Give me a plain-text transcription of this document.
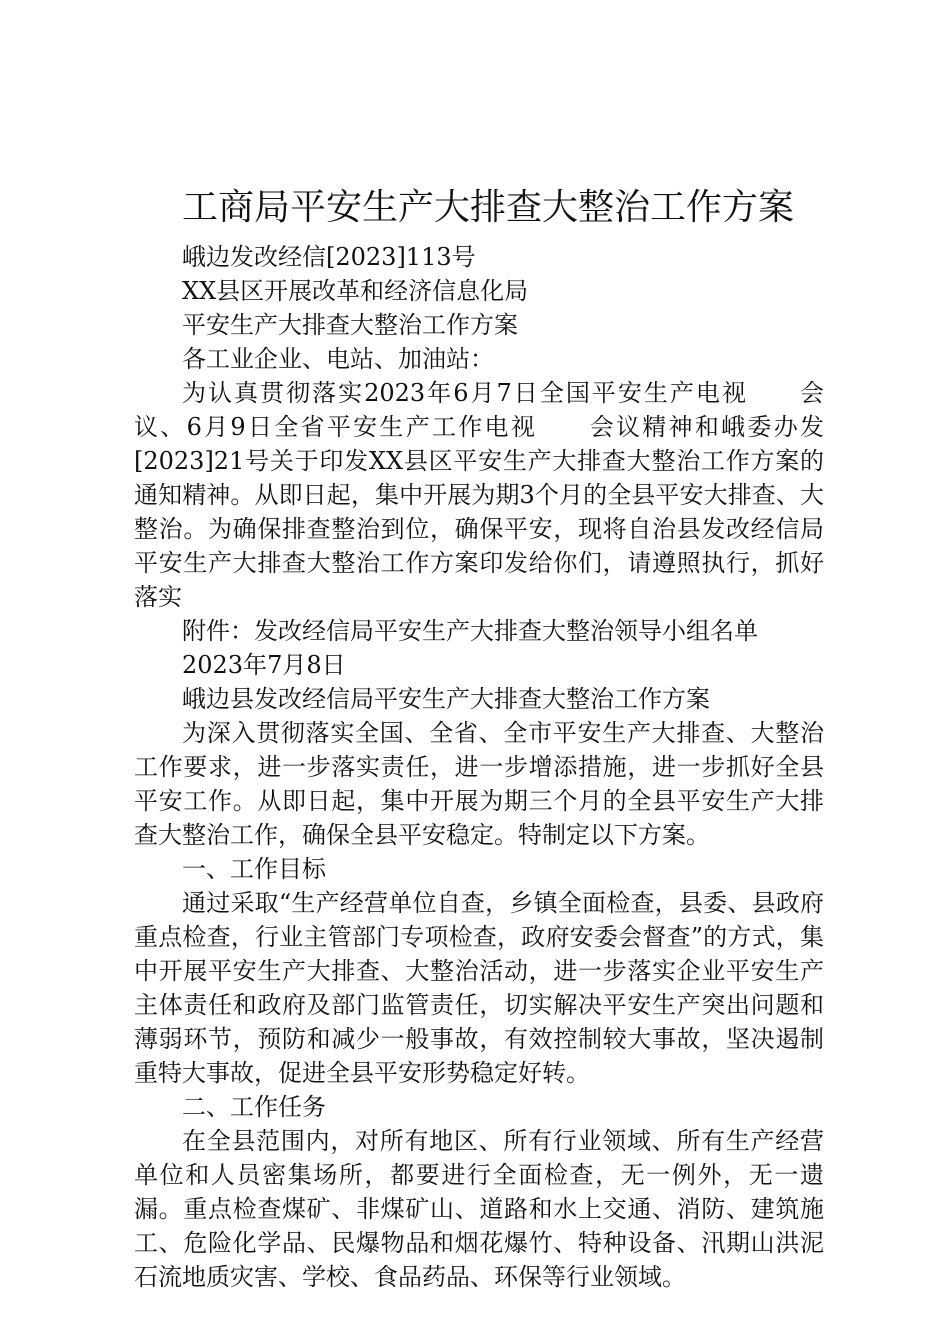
工商局平安生产大排查大整治工作方案

峨边发改经信[2023]113号

XX县区开展改革和经济信息化局

平安生产大排查大整治工作方案

各工业企业、电站、加油站：

为认真贯彻落实2023年6月7日全国平安生产电视　　会议、6月9日全省平安生产工作电视　　会议精神和峨委办发[2023]21号关于印发XX县区平安生产大排查大整治工作方案的通知精神。从即日起，集中开展为期3个月的全县平安大排查、大整治。为确保排查整治到位，确保平安，现将自治县发改经信局平安生产大排查大整治工作方案印发给你们，请遵照执行，抓好落实

附件：发改经信局平安生产大排查大整治领导小组名单

2023年7月8日

峨边县发改经信局平安生产大排查大整治工作方案

为深入贯彻落实全国、全省、全市平安生产大排查、大整治工作要求，进一步落实责任，进一步增添措施，进一步抓好全县平安工作。从即日起，集中开展为期三个月的全县平安生产大排查大整治工作，确保全县平安稳定。特制定以下方案。

一、工作目标

通过采取“生产经营单位自查，乡镇全面检查，县委、县政府重点检查，行业主管部门专项检查，政府安委会督查”的方式，集中开展平安生产大排查、大整治活动，进一步落实企业平安生产主体责任和政府及部门监管责任，切实解决平安生产突出问题和薄弱环节，预防和减少一般事故，有效控制较大事故，坚决遏制重特大事故，促进全县平安形势稳定好转。

二、工作任务

在全县范围内，对所有地区、所有行业领域、所有生产经营单位和人员密集场所，都要进行全面检查，无一例外，无一遗漏。重点检查煤矿、非煤矿山、道路和水上交通、消防、建筑施工、危险化学品、民爆物品和烟花爆竹、特种设备、汛期山洪泥石流地质灾害、学校、食品药品、环保等行业领域。
